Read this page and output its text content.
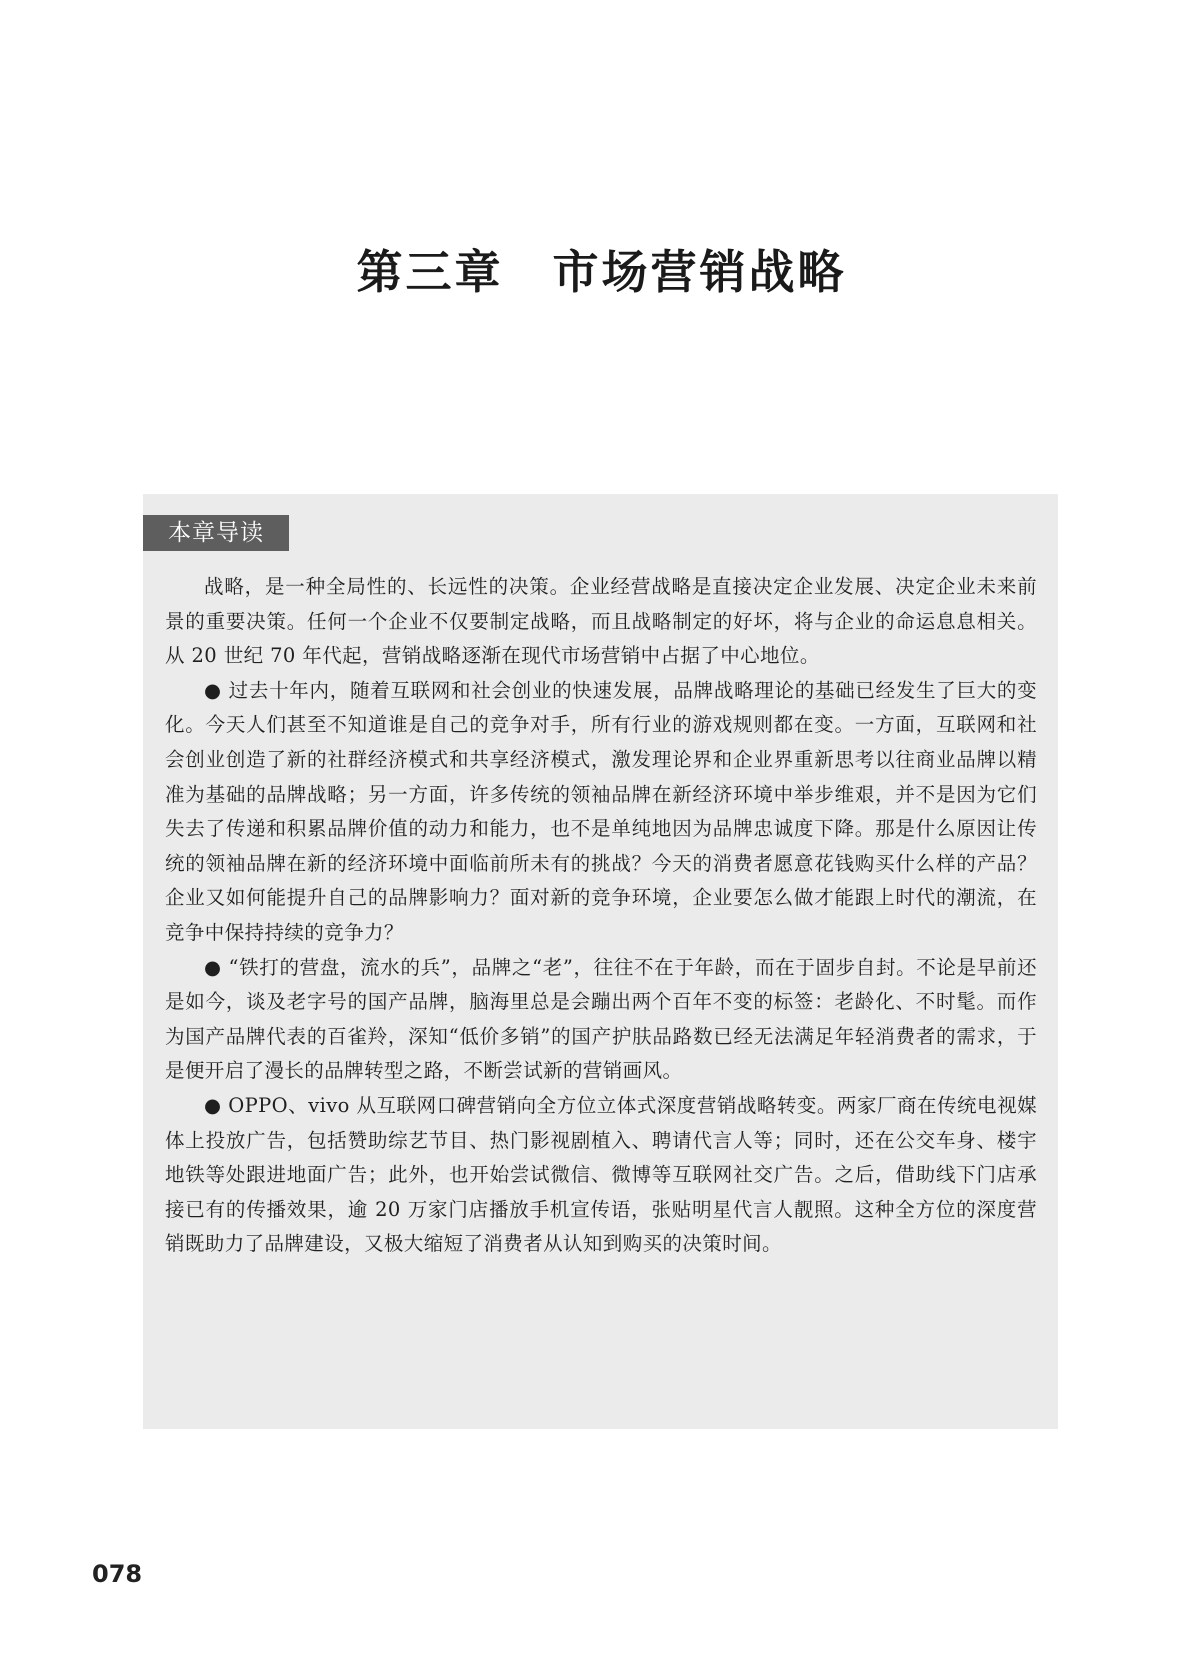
第三章　市场营销战略
本章导读

战略，是一种全局性的、长远性的决策。企业经营战略是直接决定企业发展、决定企业未来前景的重要决策。任何一个企业不仅要制定战略，而且战略制定的好坏，将与企业的命运息息相关。从 20 世纪 70 年代起，营销战略逐渐在现代市场营销中占据了中心地位。

● 过去十年内，随着互联网和社会创业的快速发展，品牌战略理论的基础已经发生了巨大的变化。今天人们甚至不知道谁是自己的竞争对手，所有行业的游戏规则都在变。一方面，互联网和社会创业创造了新的社群经济模式和共享经济模式，激发理论界和企业界重新思考以往商业品牌以精准为基础的品牌战略；另一方面，许多传统的领袖品牌在新经济环境中举步维艰，并不是因为它们失去了传递和积累品牌价值的动力和能力，也不是单纯地因为品牌忠诚度下降。那是什么原因让传统的领袖品牌在新的经济环境中面临前所未有的挑战？今天的消费者愿意花钱购买什么样的产品？企业又如何能提升自己的品牌影响力？面对新的竞争环境，企业要怎么做才能跟上时代的潮流，在竞争中保持持续的竞争力？

● “铁打的营盘，流水的兵”，品牌之“老”，往往不在于年龄，而在于固步自封。不论是早前还是如今，谈及老字号的国产品牌，脑海里总是会蹦出两个百年不变的标签：老龄化、不时髦。而作为国产品牌代表的百雀羚，深知“低价多销”的国产护肤品路数已经无法满足年轻消费者的需求，于是便开启了漫长的品牌转型之路，不断尝试新的营销画风。

● OPPO、vivo 从互联网口碑营销向全方位立体式深度营销战略转变。两家厂商在传统电视媒体上投放广告，包括赞助综艺节目、热门影视剧植入、聘请代言人等；同时，还在公交车身、楼宇地铁等处跟进地面广告；此外，也开始尝试微信、微博等互联网社交广告。之后，借助线下门店承接已有的传播效果，逾 20 万家门店播放手机宣传语，张贴明星代言人靓照。这种全方位的深度营销既助力了品牌建设，又极大缩短了消费者从认知到购买的决策时间。

078
